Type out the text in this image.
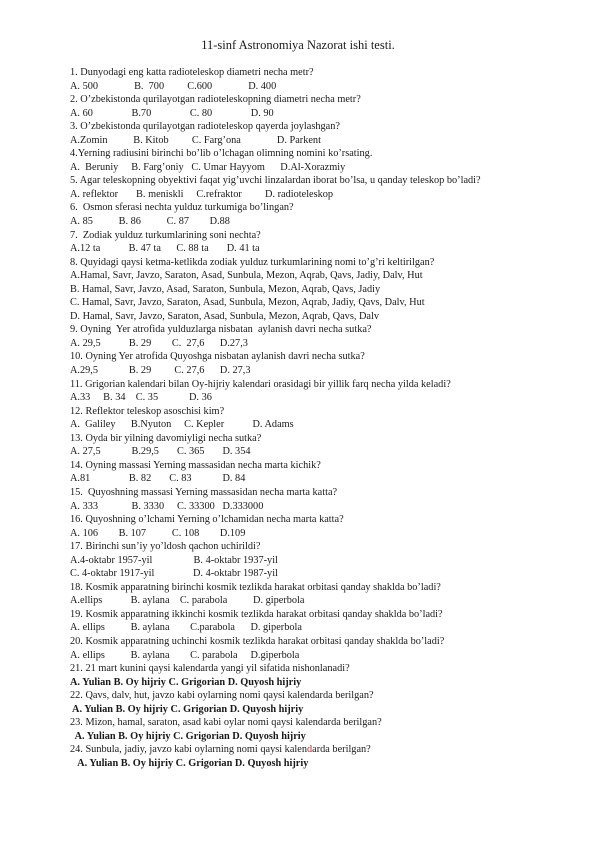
11-sinf Astronomiya Nazorat ishi testi.
1. Dunyodagi eng katta radioteleskop diametri necha metr?
A. 500              B.  700         C.600              D. 400
2. O’zbekistonda qurilayotgan radioteleskopning diametri necha metr?
A. 60               B.70               C. 80               D. 90
3. O’zbekistonda qurilayotgan radioteleskop qayerda joylashgan?
A.Zomin          B. Kitob         C. Farg’ona              D. Parkent
4.Yerning radiusini birinchi bo’lib o’lchagan olimning nomini ko’rsating.
A.  Beruniy     B. Farg’oniy   C. Umar Hayyom      D.Al-Xorazmiy
5. Agar teleskopning obyektivi faqat yig’uvchi linzalardan iborat bo’lsa, u qanday teleskop bo’ladi?
A. reflektor       B. meniskli     C.refraktor         D. radioteleskop
6.  Osmon sferasi nechta yulduz turkumiga bo’lingan?
A. 85          B. 86          C. 87        D.88
7.  Zodiak yulduz turkumlarining soni nechta?
A.12 ta           B. 47 ta      C. 88 ta       D. 41 ta
8. Quyidagi qaysi ketma-ketlikda zodiak yulduz turkumlarining nomi to’g’ri keltirilgan?
A.Hamal, Savr, Javzo, Saraton, Asad, Sunbula, Mezon, Aqrab, Qavs, Jadiy, Dalv, Hut
B. Hamal, Savr, Javzo, Asad, Saraton, Sunbula, Mezon, Aqrab, Qavs, Jadiy
C. Hamal, Savr, Javzo, Saraton, Asad, Sunbula, Mezon, Aqrab, Jadiy, Qavs, Dalv, Hut
D. Hamal, Savr, Javzo, Saraton, Asad, Sunbula, Mezon, Aqrab, Qavs, Dalv
9. Oyning  Yer atrofida yulduzlarga nisbatan  aylanish davri necha sutka?
A. 29,5           B. 29        C.  27,6      D.27,3
10. Oyning Yer atrofida Quyoshga nisbatan aylanish davri necha sutka?
A.29,5            B. 29         C. 27,6      D. 27,3
11. Grigorian kalendari bilan Oy-hijriy kalendari orasidagi bir yillik farq necha yilda keladi?
A.33     B. 34    C. 35            D. 36
12. Reflektor teleskop asoschisi kim?
A.  Galiley      B.Nyuton     C. Kepler           D. Adams
13. Oyda bir yilning davomiyligi necha sutka?
A. 27,5            B.29,5       C. 365       D. 354
14. Oyning massasi Yerning massasidan necha marta kichik?
A.81               B. 82       C. 83            D. 84
15.  Quyoshning massasi Yerning massasidan necha marta katta?
A. 333             B. 3330     C. 33300   D.333000
16. Quyoshning o’lchami Yerning o’lchamidan necha marta katta?
A. 106        B. 107          C. 108        D.109
17. Birinchi sun’iy yo’ldosh qachon uchirildi?
A.4-oktabr 1957-yil                B. 4-oktabr 1937-yil
C. 4-oktabr 1917-yil               D. 4-oktabr 1987-yil
18. Kosmik apparatning birinchi kosmik tezlikda harakat orbitasi qanday shaklda bo’ladi?
A.ellips           B. aylana    C. parabola          D. giperbola
19. Kosmik apparatning ikkinchi kosmik tezlikda harakat orbitasi qanday shaklda bo’ladi?
A. ellips          B. aylana        C.parabola      D. giperbola
20. Kosmik apparatning uchinchi kosmik tezlikda harakat orbitasi qanday shaklda bo’ladi?
A. ellips          B. aylana        C. parabola     D.giperbola
21. 21 mart kunini qaysi kalendarda yangi yil sifatida nishonlanadi?
A. Yulian B. Oy hijriy C. Grigorian D. Quyosh hijriy
22. Qavs, dalv, hut, javzo kabi oylarning nomi qaysi kalendarda berilgan?
A. Yulian B. Oy hijriy C. Grigorian D. Quyosh hijriy
23. Mizon, hamal, saraton, asad kabi oylar nomi qaysi kalendarda berilgan?
A. Yulian B. Oy hijriy C. Grigorian D. Quyosh hijriy
24. Sunbula, jadiy, javzo kabi oylarning nomi qaysi kalendarda berilgan?
A. Yulian B. Oy hijriy C. Grigorian D. Quyosh hijriy
